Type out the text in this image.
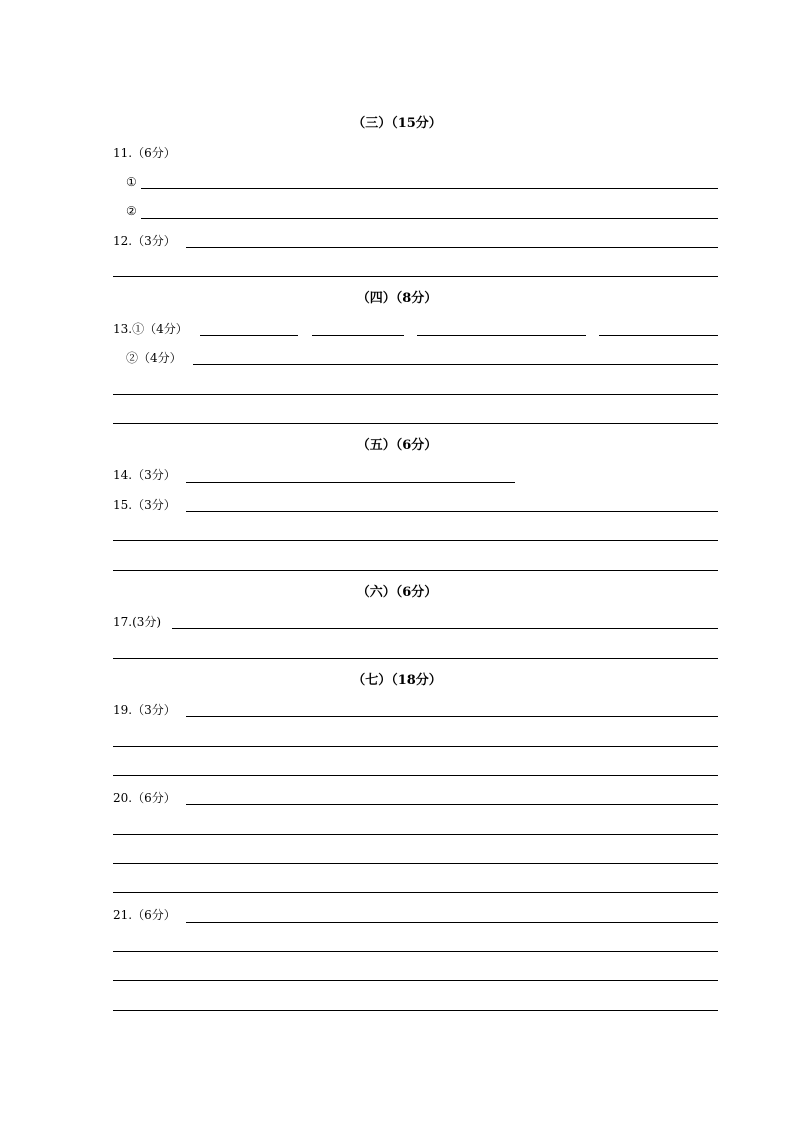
（三）（15分）
11.（6分）
①
②
12.（3分）
（四）（8分）
13.①（4分）
②（4分）
（五）（6分）
14.（3分）
15.（3分）
（六）（6分）
17.(3分)
（七）（18分）
19.（3分）
20.（6分）
21.（6分）
